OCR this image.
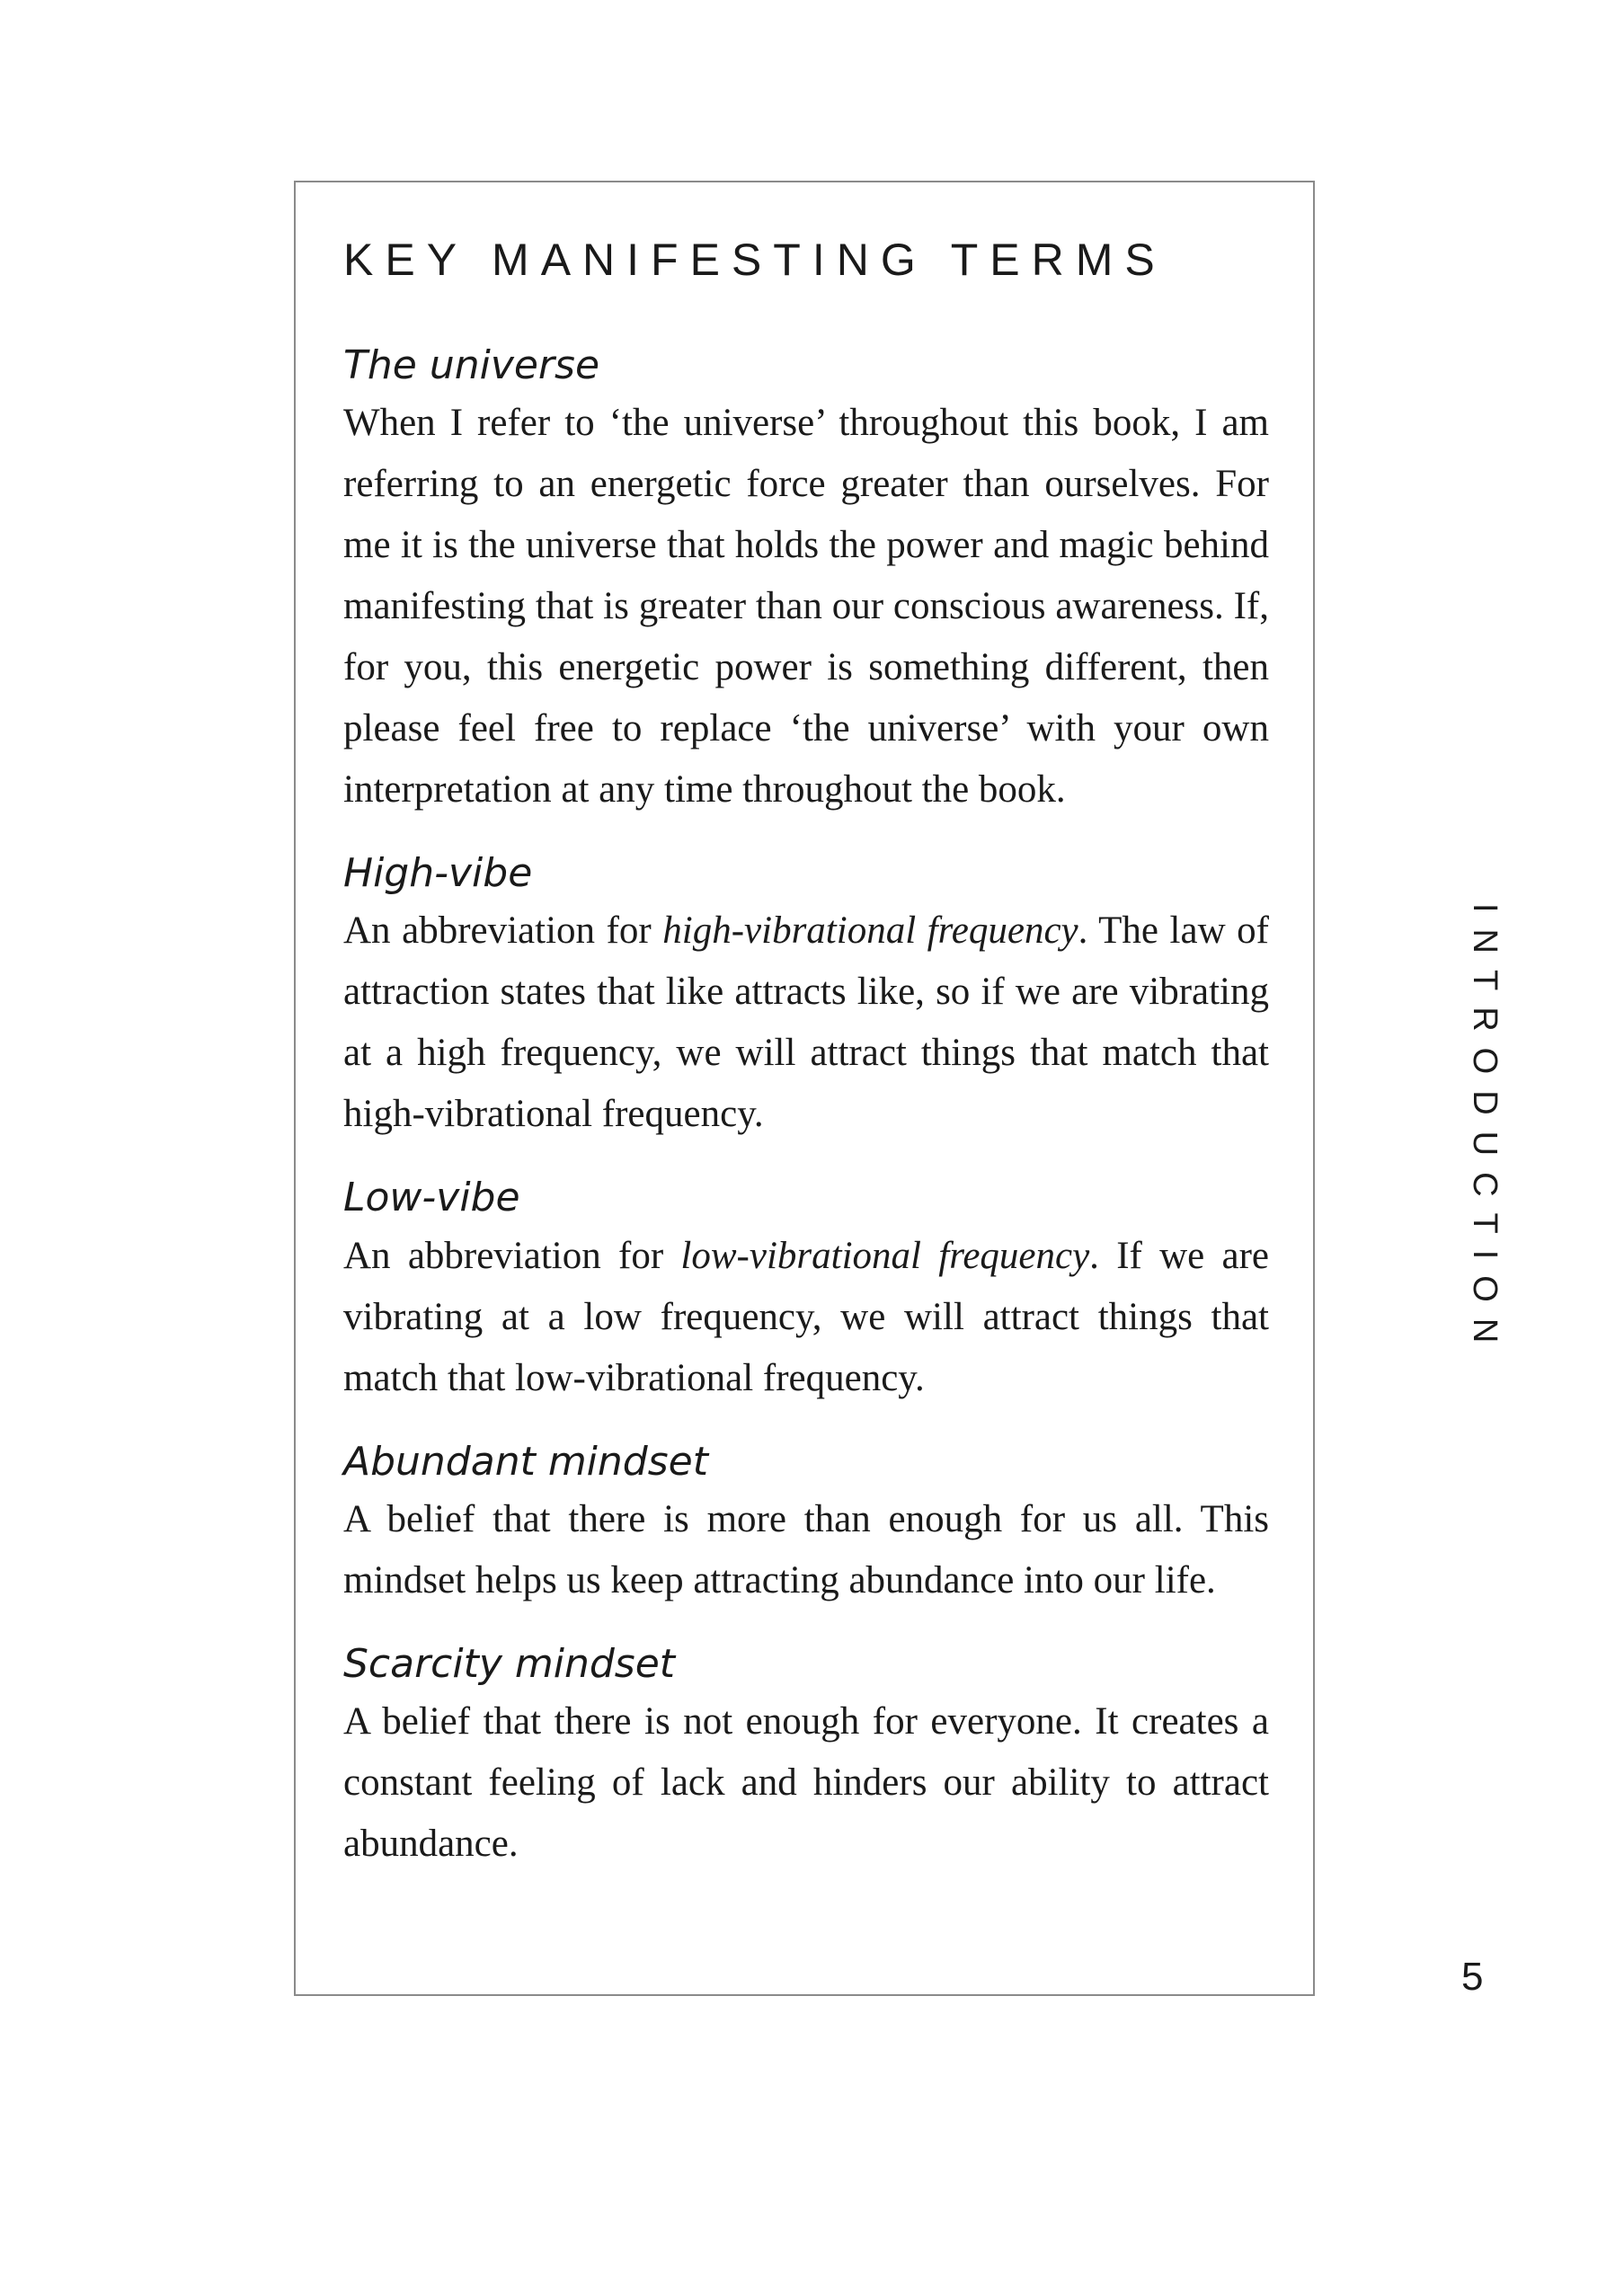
KEY MANIFESTING TERMS
The universe

When I refer to ‘the universe’ throughout this book, I am referring to an energetic force greater than ourselves. For me it is the universe that holds the power and magic behind manifesting that is greater than our conscious awareness. If, for you, this energetic power is something different, then please feel free to replace ‘the universe’ with your own interpretation at any time throughout the book.

High-vibe

An abbreviation for high-vibrational frequency. The law of attraction states that like attracts like, so if we are vibrating at a high frequency, we will attract things that match that high-vibrational frequency.

Low-vibe

An abbreviation for low-vibrational frequency. If we are vibrating at a low frequency, we will attract things that match that low-vibrational frequency.

Abundant mindset

A belief that there is more than enough for us all. This mindset helps us keep attracting abundance into our life.

Scarcity mindset

A belief that there is not enough for everyone. It creates a constant feeling of lack and hinders our ability to attract abundance.

INTRODUCTION
5
